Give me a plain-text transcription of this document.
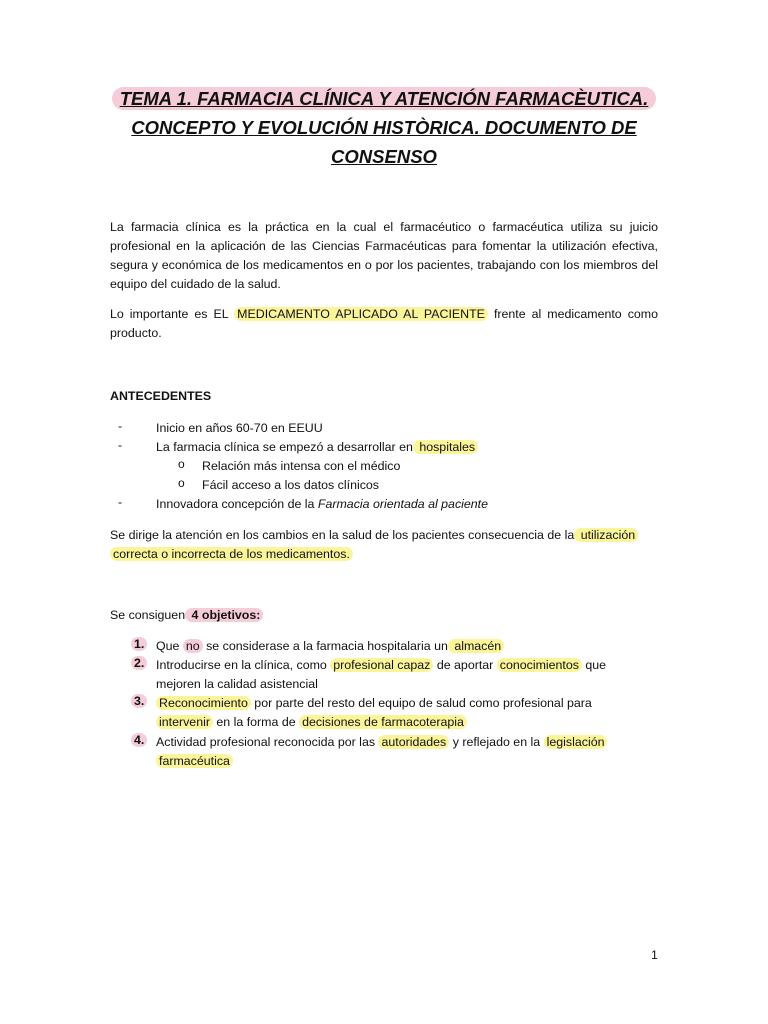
TEMA 1. FARMACIA CLÍNICA Y ATENCIÓN FARMACÈUTICA.
CONCEPTO Y EVOLUCIÓN HISTÒRICA. DOCUMENTO DE
CONSENSO
La farmacia clínica es la práctica en la cual el farmacéutico o farmacéutica utiliza su juicio profesional en la aplicación de las Ciencias Farmacéuticas para fomentar la utilización efectiva, segura y económica de los medicamentos en o por los pacientes, trabajando con los miembros del equipo del cuidado de la salud.
Lo importante es EL MEDICAMENTO APLICADO AL PACIENTE frente al medicamento como producto.
ANTECEDENTES
-	Inicio en años 60-70 en EEUU
-	La farmacia clínica se empezó a desarrollar en hospitales
o Relación más intensa con el médico
o Fácil acceso a los datos clínicos
-	Innovadora concepción de la Farmacia orientada al paciente
Se dirige la atención en los cambios en la salud de los pacientes consecuencia de la utilización
correcta o incorrecta de los medicamentos.
Se consiguen 4 objetivos:
1. Que no se considerase a la farmacia hospitalaria un almacén
2. Introducirse en la clínica, como profesional capaz de aportar conocimientos que
mejoren la calidad asistencial
3. Reconocimiento por parte del resto del equipo de salud como profesional para
intervenir en la forma de decisiones de farmacoterapia
4. Actividad profesional reconocida por las autoridades y reflejado en la legislación
farmacéutica
1
